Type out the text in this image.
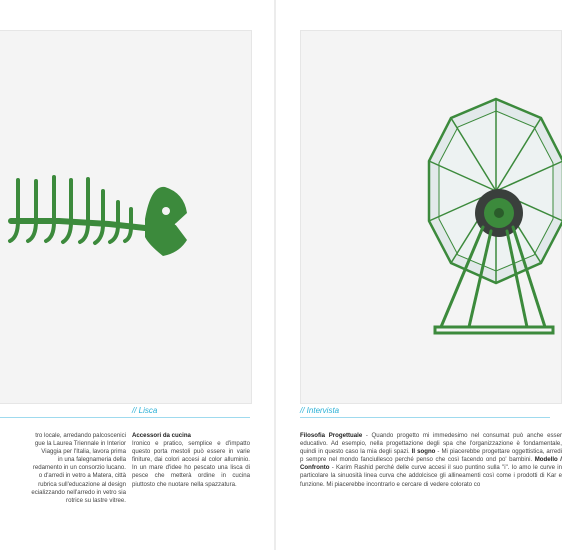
// Lisca

tro locale, arredando palcoscenici

gue la Laurea Triennale in Interior

Viaggia per l'Italia, lavora prima

in una falegnameria della

redamento in un consorzio lucano.

o d'arredi in vetro a Matera, città

rubrica sull'educazione al design

ecializzando nell'arredo in vetro sia

rotrice su lastre vitree.

Accessori da cucina

Ironico e pratico, semplice e d'impatto questo porta mestoli può essere in varie finiture, dai colori accesi al color alluminio. In un mare d'idee ho pescato una lisca di pesce che metterà ordine in cucina piuttosto che nuotare nella spazzatura.

// Intervista

Filosofia Progettuale - Quando progetto mi immedesimo nel consumat può anche esser educativo. Ad esempio, nella progettazione degli spa che l'organizzazione è fondamentale, quindi in questo caso la mia degli spazi. Il sogno - Mi piacerebbe progettare oggettistica, arredi p sempre nel mondo fanciullesco perché penso che così facendo ond po' bambini. Modello / Confronto - Karim Rashid perché delle curve accesi il suo puntino sulla "i". Io amo le curve in particolare la sinuosità linea curva che addolcisce gli allineamenti così come i prodotti di Kar e funzione. Mi piacerebbe incontrarlo e cercare di vedere colorato co
